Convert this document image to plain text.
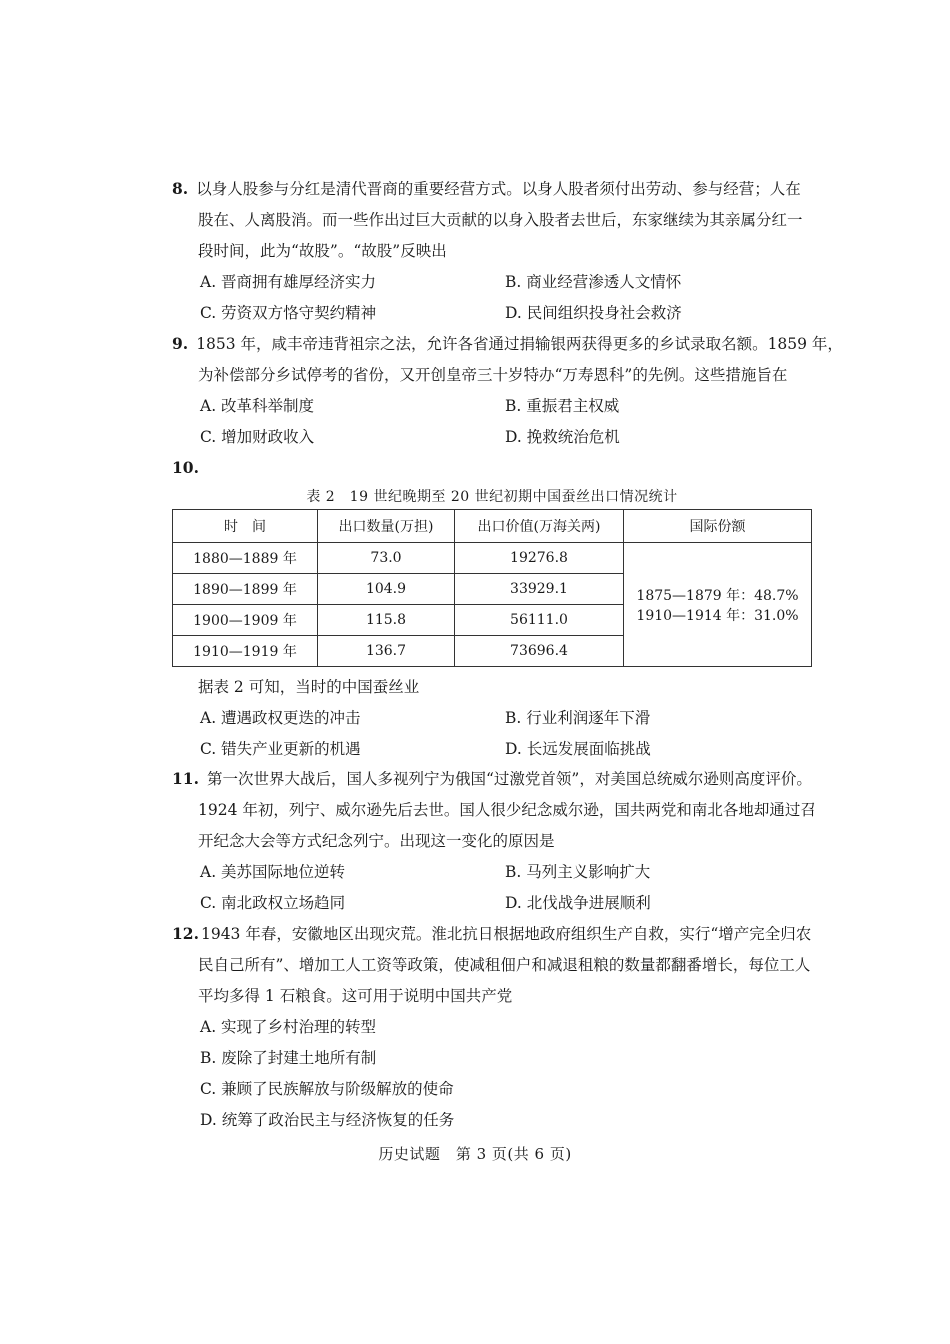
8. 以身人股参与分红是清代晋商的重要经营方式。以身人股者须付出劳动、参与经营；人在
股在、人离股消。而一些作出过巨大贡献的以身入股者去世后，东家继续为其亲属分红一
段时间，此为“故股”。“故股”反映出
A. 晋商拥有雄厚经济实力	B. 商业经营渗透人文情怀
C. 劳资双方恪守契约精神	D. 民间组织投身社会救济
9. 1853 年，咸丰帝违背祖宗之法，允许各省通过捐输银两获得更多的乡试录取名额。1859 年，
为补偿部分乡试停考的省份，又开创皇帝三十岁特办“万寿恩科”的先例。这些措施旨在
A. 改革科举制度	B. 重振君主权威
C. 增加财政收入	D. 挽救统治危机
10.
表 2　19 世纪晚期至 20 世纪初期中国蚕丝出口情况统计
时　间	出口数量(万担)	出口价值(万海关两)	国际份额
1880—1889 年	73.0	19276.8	1875—1879 年：48.7%
1910—1914 年：31.0%

1890—1899 年	104.9	33929.1	
1900—1909 年	115.8	56111.0	
1910—1919 年	136.7	73696.4	
据表 2 可知，当时的中国蚕丝业
A. 遭遇政权更迭的冲击	B. 行业利润逐年下滑
C. 错失产业更新的机遇	D. 长远发展面临挑战
11. 第一次世界大战后，国人多视列宁为俄国“过激党首领”，对美国总统威尔逊则高度评价。
1924 年初，列宁、威尔逊先后去世。国人很少纪念威尔逊，国共两党和南北各地却通过召
开纪念大会等方式纪念列宁。出现这一变化的原因是
A. 美苏国际地位逆转	B. 马列主义影响扩大
C. 南北政权立场趋同	D. 北伐战争进展顺利
12. 1943 年春，安徽地区出现灾荒。淮北抗日根据地政府组织生产自救，实行“增产完全归农
民自己所有”、增加工人工资等政策，使减租佃户和减退租粮的数量都翻番增长，每位工人
平均多得 1 石粮食。这可用于说明中国共产党
A. 实现了乡村治理的转型
B. 废除了封建土地所有制
C. 兼顾了民族解放与阶级解放的使命
D. 统筹了政治民主与经济恢复的任务
历史试题　第 3 页(共 6 页)
